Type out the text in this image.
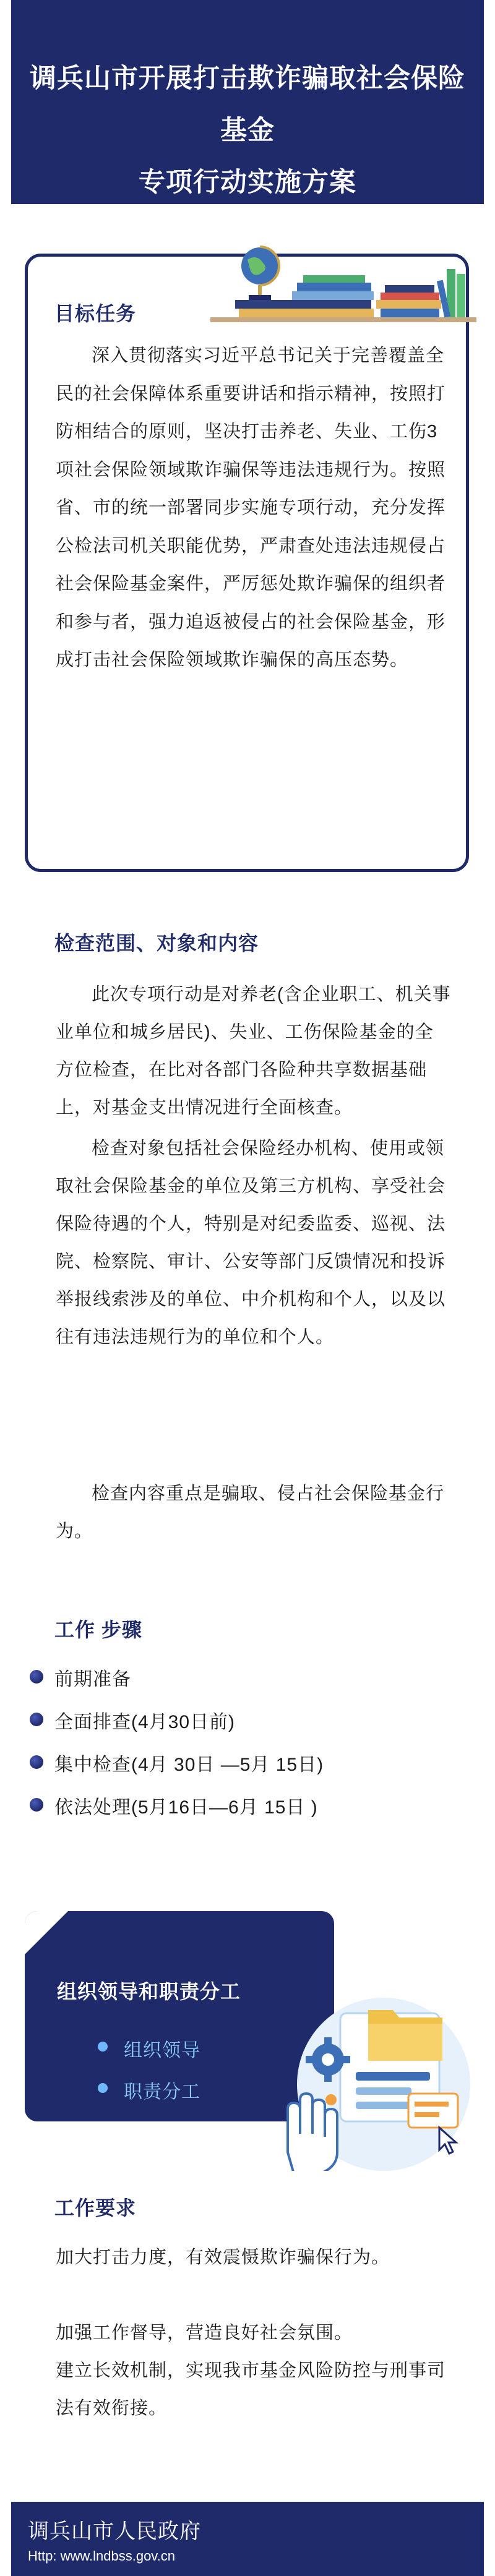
调兵山市开展打击欺诈骗取社会保险基金
专项行动实施方案
目标任务
深入贯彻落实习近平总书记关于完善覆盖全民的社会保障体系重要讲话和指示精神，按照打防相结合的原则，坚决打击养老、失业、工伤3项社会保险领域欺诈骗保等违法违规行为。按照省、市的统一部署同步实施专项行动，充分发挥公检法司机关职能优势，严肃查处违法违规侵占社会保险基金案件，严厉惩处欺诈骗保的组织者和参与者，强力追返被侵占的社会保险基金，形成打击社会保险领域欺诈骗保的高压态势。
检查范围、对象和内容
此次专项行动是对养老(含企业职工、机关事业单位和城乡居民)、失业、工伤保险基金的全方位检查，在比对各部门各险种共享数据基础上，对基金支出情况进行全面核查。
检查对象包括社会保险经办机构、使用或领取社会保险基金的单位及第三方机构、享受社会保险待遇的个人，特别是对纪委监委、巡视、法院、检察院、审计、公安等部门反馈情况和投诉举报线索涉及的单位、中介机构和个人，以及以往有违法违规行为的单位和个人。
检查内容重点是骗取、侵占社会保险基金行为。
工作 步骤
前期准备
全面排查(4月30日前)
集中检查(4月 30日 —5月 15日)
依法处理(5月16日—6月 15日 )
组织领导和职责分工
组织领导
职责分工
工作要求
加大打击力度，有效震慑欺诈骗保行为。
加强工作督导，营造良好社会氛围。
建立长效机制，实现我市基金风险防控与刑事司法有效衔接。
调兵山市人民政府
Http: www.lndbss.gov.cn
